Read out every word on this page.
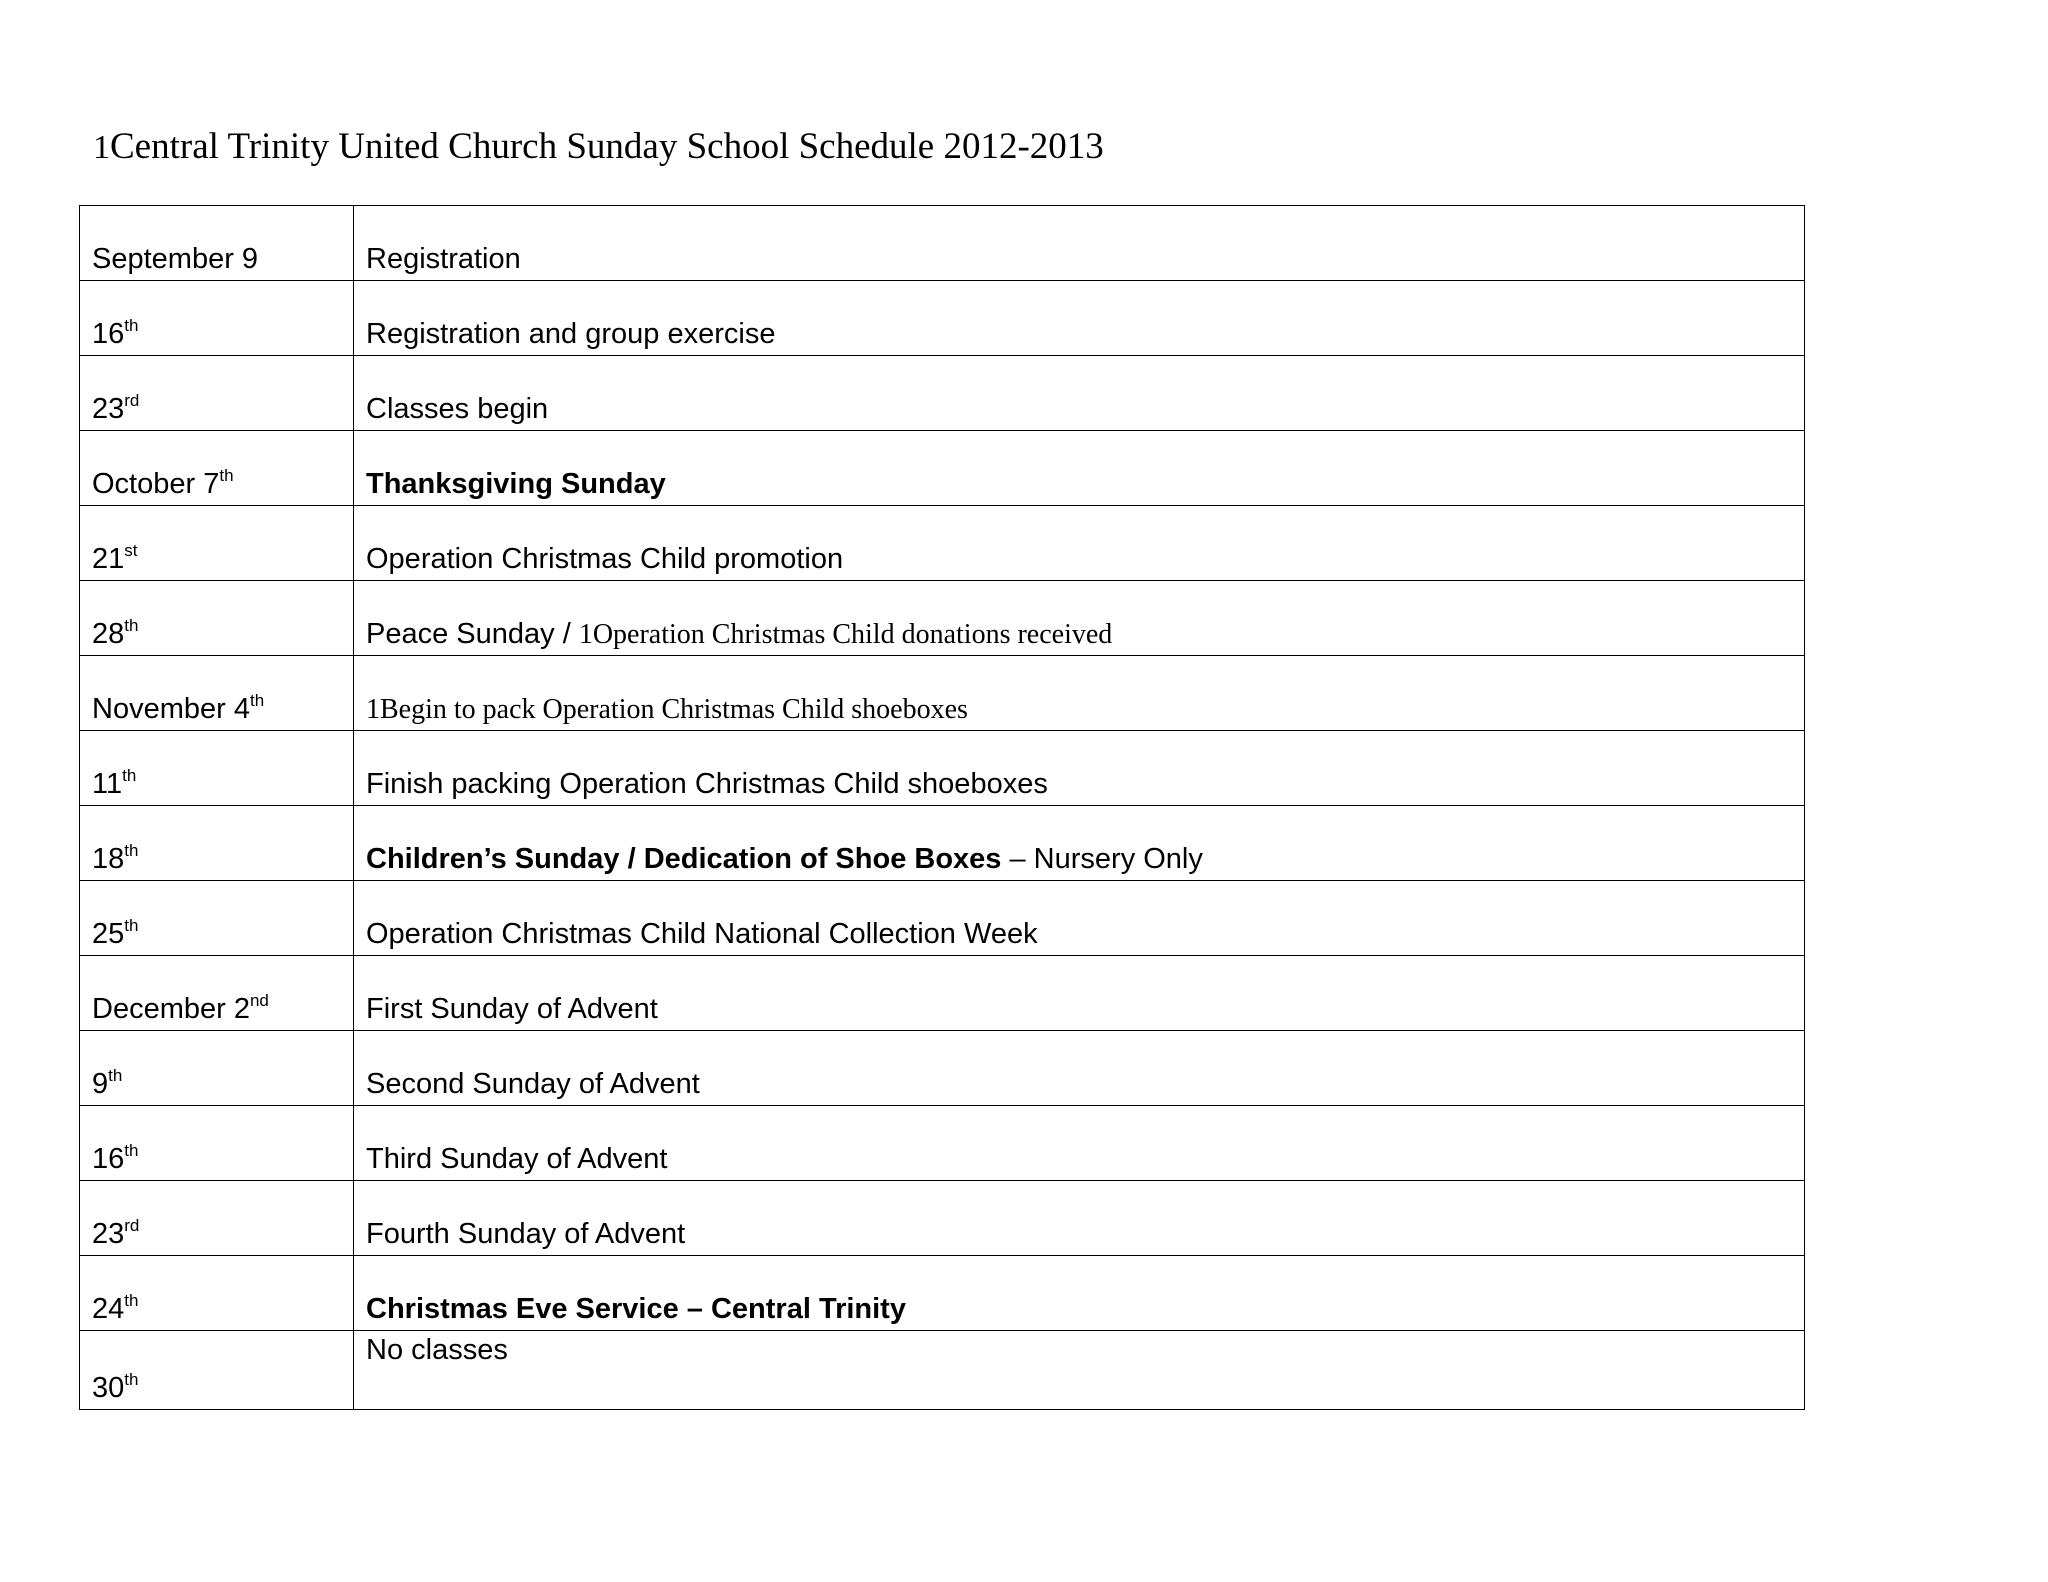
1Central Trinity United Church Sunday School Schedule 2012-2013
September 9	Registration
16th	Registration and group exercise
23rd	Classes begin
October 7th	Thanksgiving Sunday
21st	Operation Christmas Child promotion
28th	Peace Sunday / 1Operation Christmas Child donations received
November 4th	1Begin to pack Operation Christmas Child shoeboxes
11th	Finish packing Operation Christmas Child shoeboxes
18th	Children’s Sunday / Dedication of Shoe Boxes – Nursery Only
25th	Operation Christmas Child National Collection Week
December 2nd	First Sunday of Advent
9th	Second Sunday of Advent
16th	Third Sunday of Advent
23rd	Fourth Sunday of Advent
24th	Christmas Eve Service – Central Trinity
30th	No classes
